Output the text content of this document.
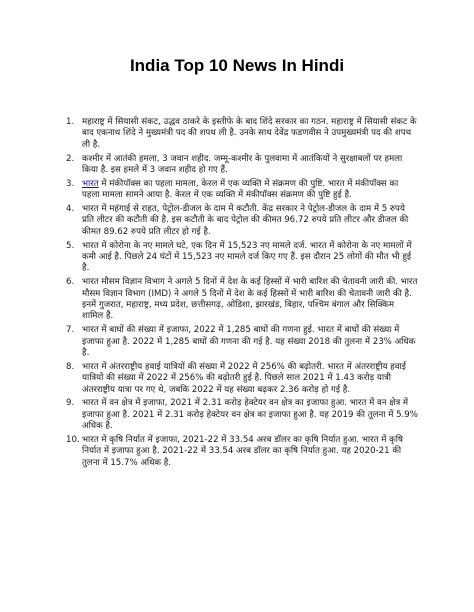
India Top 10 News In Hindi
1. महाराष्ट्र में सियासी संकट, उद्धव ठाकरे के इस्तीफे के बाद शिंदे सरकार का गठन. महाराष्ट्र में सियासी संकट के बाद एकनाथ शिंदे ने मुख्यमंत्री पद की शपथ ली है. उनके साथ देवेंद्र फडणवीस ने उपमुख्यमंत्री पद की शपथ ली है.
2. कश्मीर में आतंकी हमला, 3 जवान शहीद. जम्मू-कश्मीर के पुलवामा में आतंकियों ने सुरक्षाबलों पर हमला किया है. इस हमले में 3 जवान शहीद हो गए हैं.
3. भारत में मंकीपॉक्स का पहला मामला, केरल में एक व्यक्ति में संक्रमण की पुष्टि. भारत में मंकीपॉक्स का पहला मामला सामने आया है. केरल में एक व्यक्ति में मंकीपॉक्स संक्रमण की पुष्टि हुई है.
4. भारत में महंगाई से राहत, पेट्रोल-डीजल के दाम में कटौती. केंद्र सरकार ने पेट्रोल-डीजल के दाम में 5 रुपये प्रति लीटर की कटौती की है. इस कटौती के बाद पेट्रोल की कीमत 96.72 रुपये प्रति लीटर और डीजल की कीमत 89.62 रुपये प्रति लीटर हो गई है.
5. भारत में कोरोना के नए मामले घटे, एक दिन में 15,523 नए मामले दर्ज. भारत में कोरोना के नए मामलों में कमी आई है. पिछले 24 घंटों में 15,523 नए मामले दर्ज किए गए हैं. इस दौरान 25 लोगों की मौत भी हुई है.
6. भारत मौसम विज्ञान विभाग ने अगले 5 दिनों में देश के कई हिस्सों में भारी बारिश की चेतावनी जारी की. भारत मौसम विज्ञान विभाग (IMD) ने अगले 5 दिनों में देश के कई हिस्सों में भारी बारिश की चेतावनी जारी की है. इनमें गुजरात, महाराष्ट्र, मध्य प्रदेश, छत्तीसगढ़, ओडिशा, झारखंड, बिहार, पश्चिम बंगाल और सिक्किम शामिल हैं.
7. भारत में बाघों की संख्या में इजाफा, 2022 में 1,285 बाघों की गणना हुई. भारत में बाघों की संख्या में इजाफा हुआ है. 2022 में 1,285 बाघों की गणना की गई है. यह संख्या 2018 की तुलना में 23% अधिक है.
8. भारत में अंतरराष्ट्रीय हवाई यात्रियों की संख्या में 2022 में 256% की बढ़ोतरी. भारत में अंतरराष्ट्रीय हवाई यात्रियों की संख्या में 2022 में 256% की बढ़ोतरी हुई है. पिछले साल 2021 में 1.43 करोड़ यात्री अंतरराष्ट्रीय यात्रा पर गए थे, जबकि 2022 में यह संख्या बढ़कर 2.36 करोड़ हो गई है.
9. भारत में वन क्षेत्र में इजाफा, 2021 में 2.31 करोड़ हेक्टेयर वन क्षेत्र का इजाफा हुआ. भारत में वन क्षेत्र में इजाफा हुआ है. 2021 में 2.31 करोड़ हेक्टेयर वन क्षेत्र का इजाफा हुआ है. यह 2019 की तुलना में 5.9% अधिक है.
10. भारत में कृषि निर्यात में इजाफा, 2021-22 में 33.54 अरब डॉलर का कृषि निर्यात हुआ. भारत में कृषि निर्यात में इजाफा हुआ है. 2021-22 में 33.54 अरब डॉलर का कृषि निर्यात हुआ. यह 2020-21 की तुलना में 15.7% अधिक है.
